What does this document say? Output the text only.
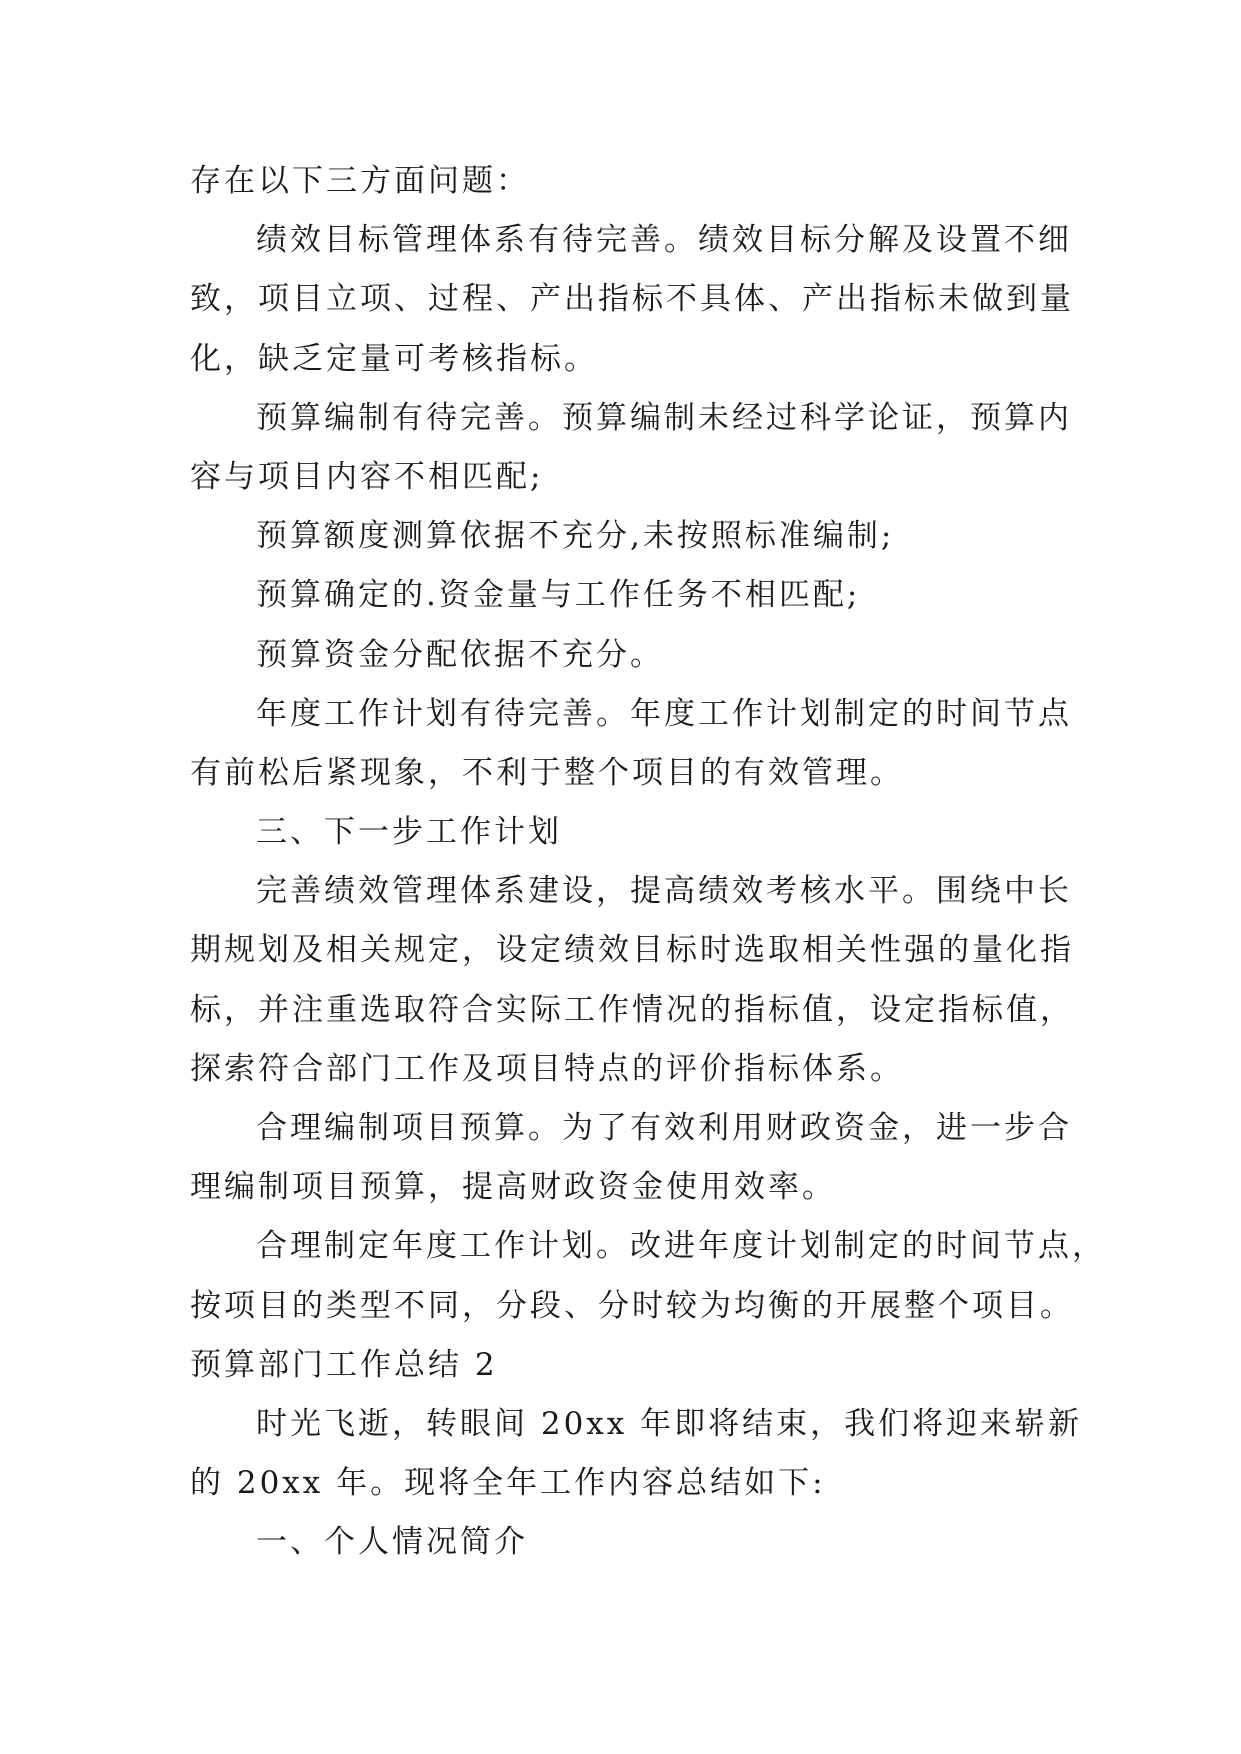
存在以下三方面问题：
绩效目标管理体系有待完善。绩效目标分解及设置不细
致，项目立项、过程、产出指标不具体、产出指标未做到量
化，缺乏定量可考核指标。
预算编制有待完善。预算编制未经过科学论证，预算内
容与项目内容不相匹配;
预算额度测算依据不充分,未按照标准编制;
预算确定的.资金量与工作任务不相匹配;
预算资金分配依据不充分。
年度工作计划有待完善。年度工作计划制定的时间节点
有前松后紧现象，不利于整个项目的有效管理。
三、下一步工作计划
完善绩效管理体系建设，提高绩效考核水平。围绕中长
期规划及相关规定，设定绩效目标时选取相关性强的量化指
标，并注重选取符合实际工作情况的指标值，设定指标值，
探索符合部门工作及项目特点的评价指标体系。
合理编制项目预算。为了有效利用财政资金，进一步合
理编制项目预算，提高财政资金使用效率。
合理制定年度工作计划。改进年度计划制定的时间节点，
按项目的类型不同，分段、分时较为均衡的开展整个项目。
预算部门工作总结 2
时光飞逝，转眼间 20xx 年即将结束，我们将迎来崭新
的 20xx 年。现将全年工作内容总结如下:
一、个人情况简介
